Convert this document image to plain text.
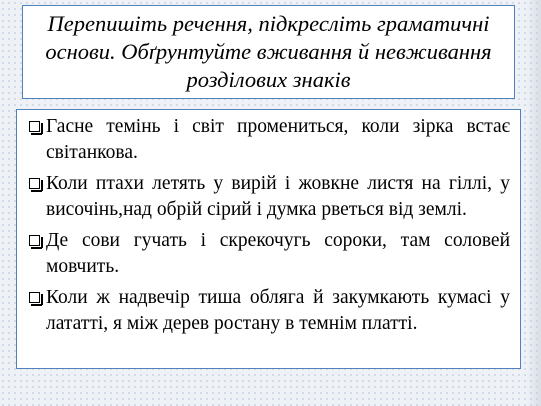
Перепишіть речення, підкресліть граматичні основи. Обґрунтуйте вживання й невживання розділових знаків

Гасне темінь і світ промениться, коли зірка встає світанкова.
Коли птахи летять у вирій і жовкне листя на гіллі, у височінь,над обрій сірий і думка рветься від землі.
Де сови гучать і скрекочугь сороки, там соловей мовчить.
Коли ж надвечір тиша обляга й закумкають кумасі у лататті, я між дерев ростану в темнім платті.
